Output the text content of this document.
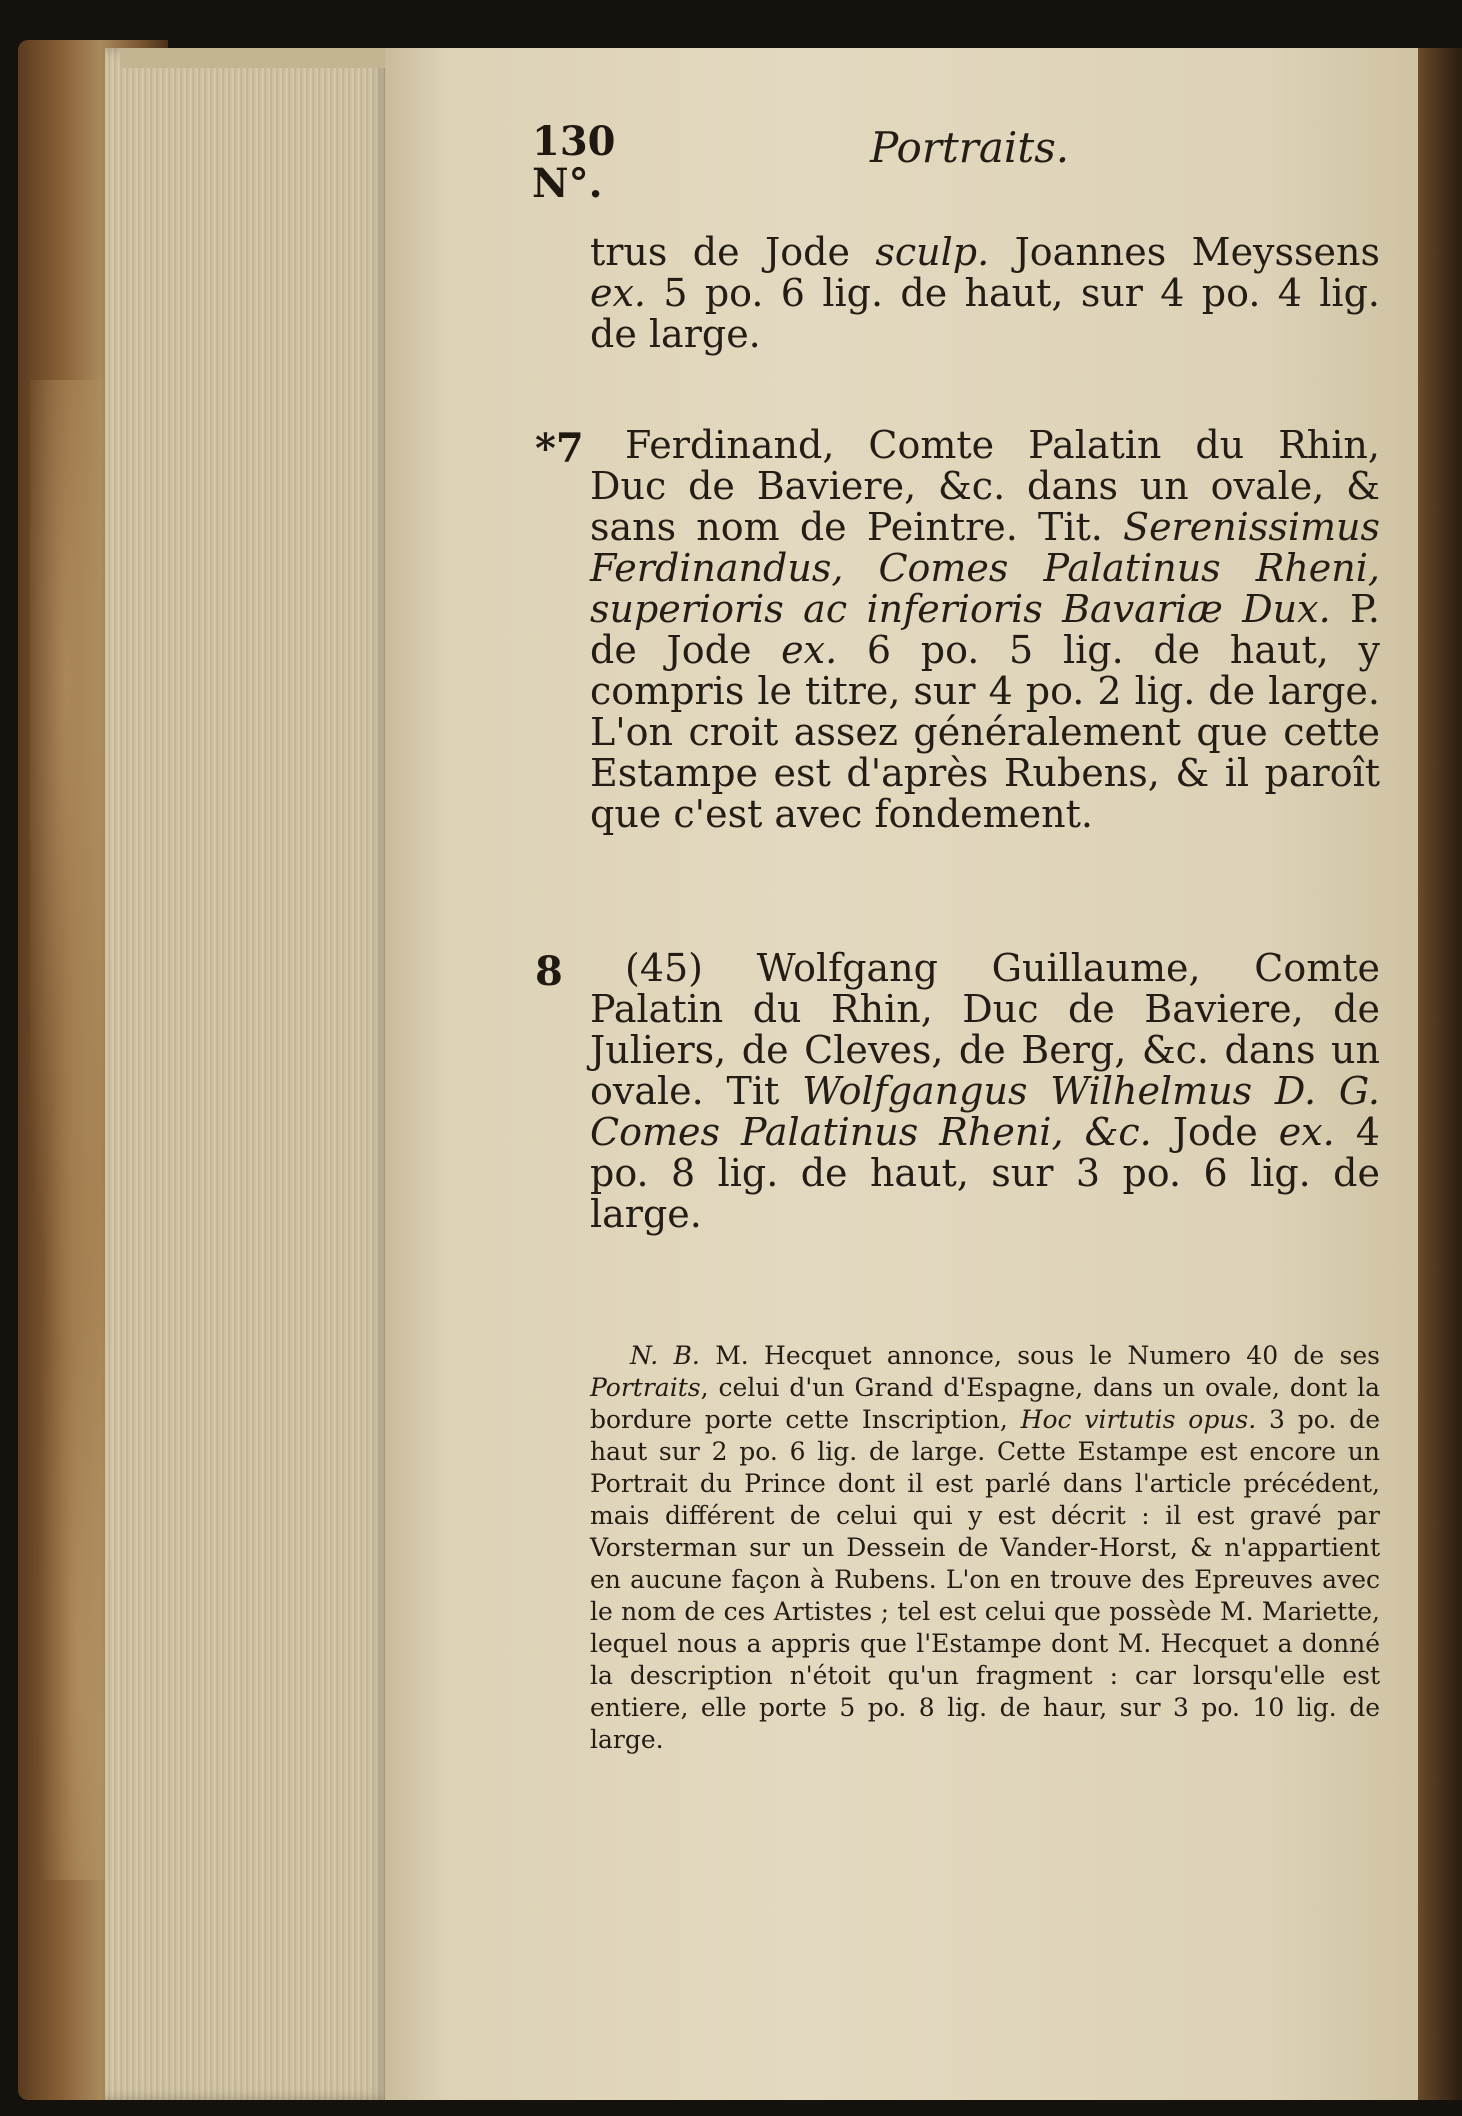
130
N°.
Portraits.

trus de Jode sculp. Joannes Meyssens ex. 5 po. 6 lig. de haut, sur 4 po. 4 lig. de large.

*7	Ferdinand, Comte Palatin du Rhin, Duc de Baviere, &c. dans un ovale, & sans nom de Peintre. Tit. Serenissimus Ferdinandus, Comes Palatinus Rheni, superioris ac inferioris Bavariæ Dux. P. de Jode ex. 6 po. 5 lig. de haut, y compris le titre, sur 4 po. 2 lig. de large. L'on croit assez généralement que cette Estampe est d'après Rubens, & il paroît que c'est avec fondement.

8	(45) Wolfgang Guillaume, Comte Palatin du Rhin, Duc de Baviere, de Juliers, de Cleves, de Berg, &c. dans un ovale. Tit Wolfgangus Wilhelmus D. G. Comes Palatinus Rheni, &c. Jode ex. 4 po. 8 lig. de haut, sur 3 po. 6 lig. de large.

N. B. M. Hecquet annonce, sous le Numero 40 de ses Portraits, celui d'un Grand d'Espagne, dans un ovale, dont la bordure porte cette Inscription, Hoc virtutis opus. 3 po. de haut sur 2 po. 6 lig. de large. Cette Estampe est encore un Portrait du Prince dont il est parlé dans l'article précédent, mais différent de celui qui y est décrit : il est gravé par Vorsterman sur un Dessein de Vander-Horst, & n'appartient en aucune façon à Rubens. L'on en trouve des Epreuves avec le nom de ces Artistes ; tel est celui que possède M. Mariette, lequel nous a appris que l'Estampe dont M. Hecquet a donné la description n'étoit qu'un fragment : car lorsqu'elle est entiere, elle porte 5 po. 8 lig. de haur, sur 3 po. 10 lig. de large.
